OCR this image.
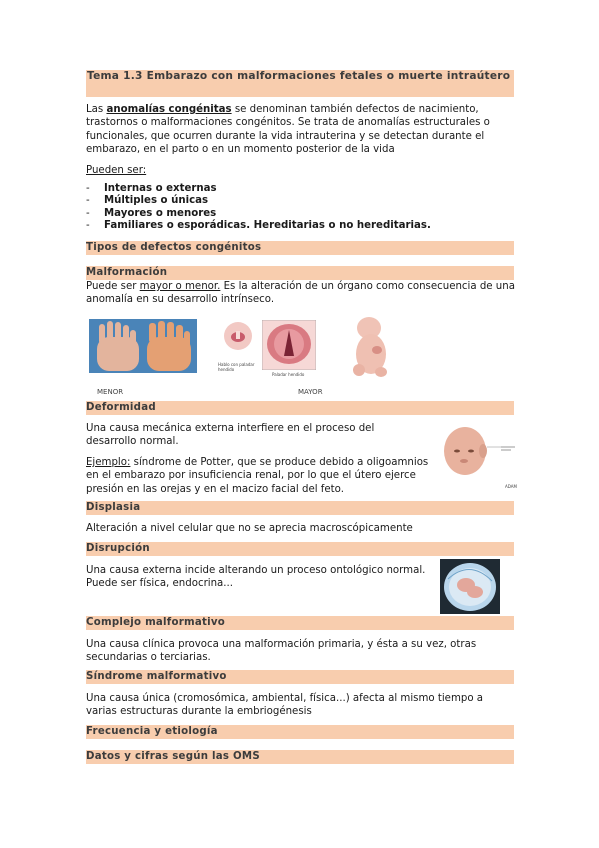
Tema 1.3 Embarazo con malformaciones fetales o muerte intraútero

Las anomalías congénitas se denominan también defectos de nacimiento, trastornos o malformaciones congénitos. Se trata de anomalías estructurales o funcionales, que ocurren durante la vida intrauterina y se detectan durante el embarazo, en el parto o en un momento posterior de la vida

Pueden ser:
- Internas o externas
- Múltiples o únicas
- Mayores o menores
- Familiares o esporádicas. Hereditarias o no hereditarias.
Tipos de defectos congénitos
Malformación

Puede ser mayor o menor. Es la alteración de un órgano como consecuencia de una anomalía en su desarrollo intrínseco.

Hablo con paladar hendido
Paladar hendido
MENOR	MAYOR
Deformidad

Una causa mecánica externa interfiere en el proceso del desarrollo normal.

Ejemplo: síndrome de Potter, que se produce debido a oligoamnios en el embarazo por insuficiencia renal, por lo que el útero ejerce presión en las orejas y en el macizo facial del feto.	ADAM
Displasia

Alteración a nivel celular que no se aprecia macroscópicamente

Disrupción

Una causa externa incide alterando un proceso ontológico normal. Puede ser física, endocrina...

Complejo malformativo

Una causa clínica provoca una malformación primaria, y ésta a su vez, otras secundarias o terciarias.

Síndrome malformativo

Una causa única (cromosómica, ambiental, física...) afecta al mismo tiempo a varias estructuras durante la embriogénesis

Frecuencia y etiología
Datos y cifras según las OMS
